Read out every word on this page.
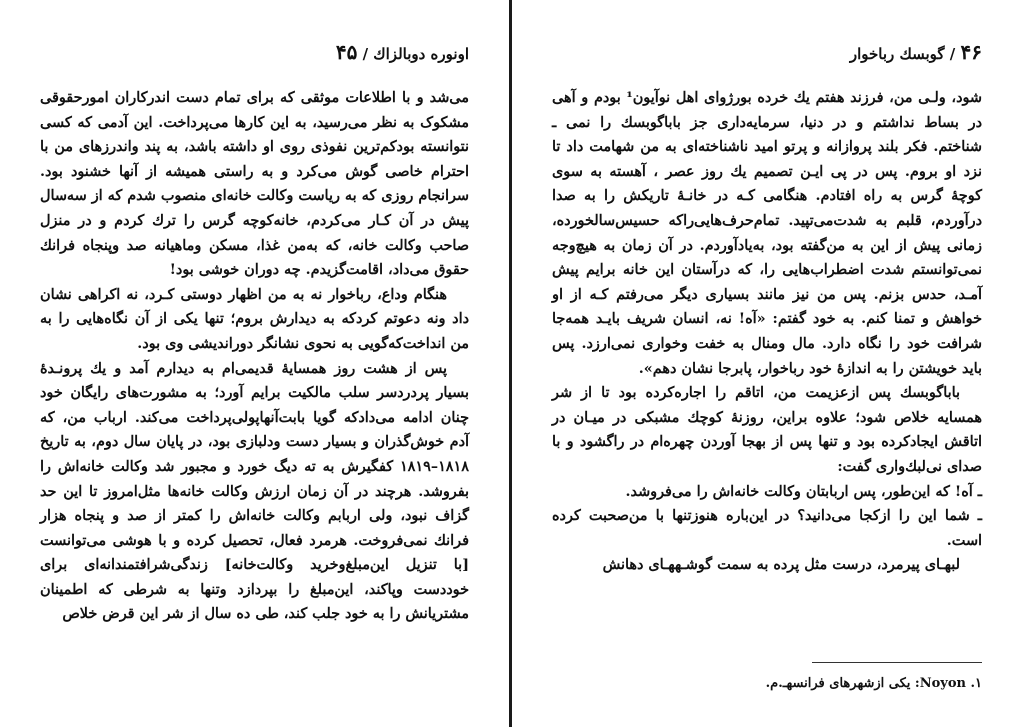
اونوره دوبالزاك / ۴۵

می‌شد و با اطلاعات موثقی که برای تمام دست اندرکاران امورحقوقی مشکوک به نظر می‌رسید، به این کارها می‌پرداخت. این آدمی که کسی نتوانسته بودکم‌ترین نفوذی روی او داشته باشد، به پند واندرزهای من با احترام خاصی گوش می‌کرد و به راستی همیشه از آنها خشنود بود. سرانجام روزی که به ریاست وکالت خانه‌ای منصوب شدم که از سه‌سال پیش در آن کـار می‌کردم، خانه‌کوچه گرس را ترك کردم و در منزل صاحب وکالت خانه، که به‌من غذا، مسکن وماهیانه صد وپنجاه فرانك حقوق می‌داد، اقامت‌گزیدم. چه دوران خوشی بود!

هنگام وداع، رباخوار نه به من اظهار دوستی کـرد، نه اکراهی نشان داد ونه دعوتم کردکه به دیدارش بروم؛ تنها یکی از آن نگاه‌هایی را به من انداخت‌که‌گویی به نحوی نشانگر دوراندیشی وی بود.

پس از هشت روز همسایهٔ قدیمی‌ام به دیدارم آمد و یك پرونـدهٔ بسیار پردردسر سلب مالکیت برایم آورد؛ به مشورت‌های رایگان خود چنان ادامه می‌دادکه گویا بابت‌آنهاپولی‌پرداخت می‌کند. ارباب من، که آدم خوش‌گذران و بسیار دست ودلبازی بود، در پایان سال دوم، به تاریخ ۱۸۱۸–۱۸۱۹ کفگیرش به ته دیگ خورد و مجبور شد وکالت خانه‌اش را بفروشد. هرچند در آن زمان ارزش وکالت خانه‌ها مثل‌امروز تا این حد گزاف نبود، ولی اربابم وکالت خانه‌اش را کمتر از صد و پنجاه هزار فرانك نمی‌فروخت. هرمرد فعال، تحصیل کرده و با هوشی می‌توانست [با تنزیل این‌مبلغ‌وخرید وکالت‌خانه] زندگی‌شرافتمندانه‌ای برای خوددست وپاکند، این‌مبلغ را بپردازد وتنها به شرطی که اطمینان مشتریانش را به خود جلب کند، طی ده سال از شر این قرض خلاص

۴۶ / گوبسك رباخوار

شود، ولـی من، فرزند هفتم یك خرده بورژوای اهل نوآیون¹ بودم و آهی در بساط نداشتم و در دنیا، سرمایه‌داری جز باباگوبسك را نمی ـ شناختم. فکر بلند پروازانه و پرتو امید ناشناخته‌ای به من شهامت داد تا نزد او بروم. پس در پی ایـن تصمیم یك روز عصر ، آهسته به سوی کوچهٔ گرس به راه افتادم. هنگامی کـه در خانـهٔ تاریکش را به صدا درآوردم، قلبم به شدت‌می‌تپید. تمام‌حرف‌هایی‌راکه حسیس‌سالخورده، زمانی پیش از این به من‌گفته بود، به‌یادآوردم. در آن زمان به هیچ‌وجه نمی‌توانستم شدت اضطراب‌هایی را، که درآستان این خانه برایم پیش آمـد، حدس بزنم. پس من نیز مانند بسیاری دیگر می‌رفتم کـه از او خواهش و تمنا کنم. به خود گفتم: «آه! نه، انسان شریف بایـد همه‌جا شرافت خود را نگاه دارد. مال ومنال به خفت وخواری نمی‌ارزد. پس باید خویشتن را به اندازهٔ خود رباخوار، پابرجا نشان دهم».

باباگوبسك پس ازعزیمت من، اتاقم را اجاره‌کرده بود تا از شر همسایه خلاص شود؛ علاوه براین، روزنهٔ کوچك مشبکی در میـان در اتاقش ایجادکرده بود و تنها پس از بهجا آوردن چهره‌ام در راگشود و با صدای نی‌لبك‌واری گفت:

ـ آه! که این‌طور، پس اربابتان وکالت خانه‌اش را می‌فروشد.

ـ شما این را ازکجا می‌دانید؟ در این‌باره هنوزتنها با من‌صحبت کرده است.

لبهـای پیرمرد، درست مثل پرده به سمت گوشـههـای دهانش

۱. Noyon: یکی ازشهرهای فرانسهـ.م.
